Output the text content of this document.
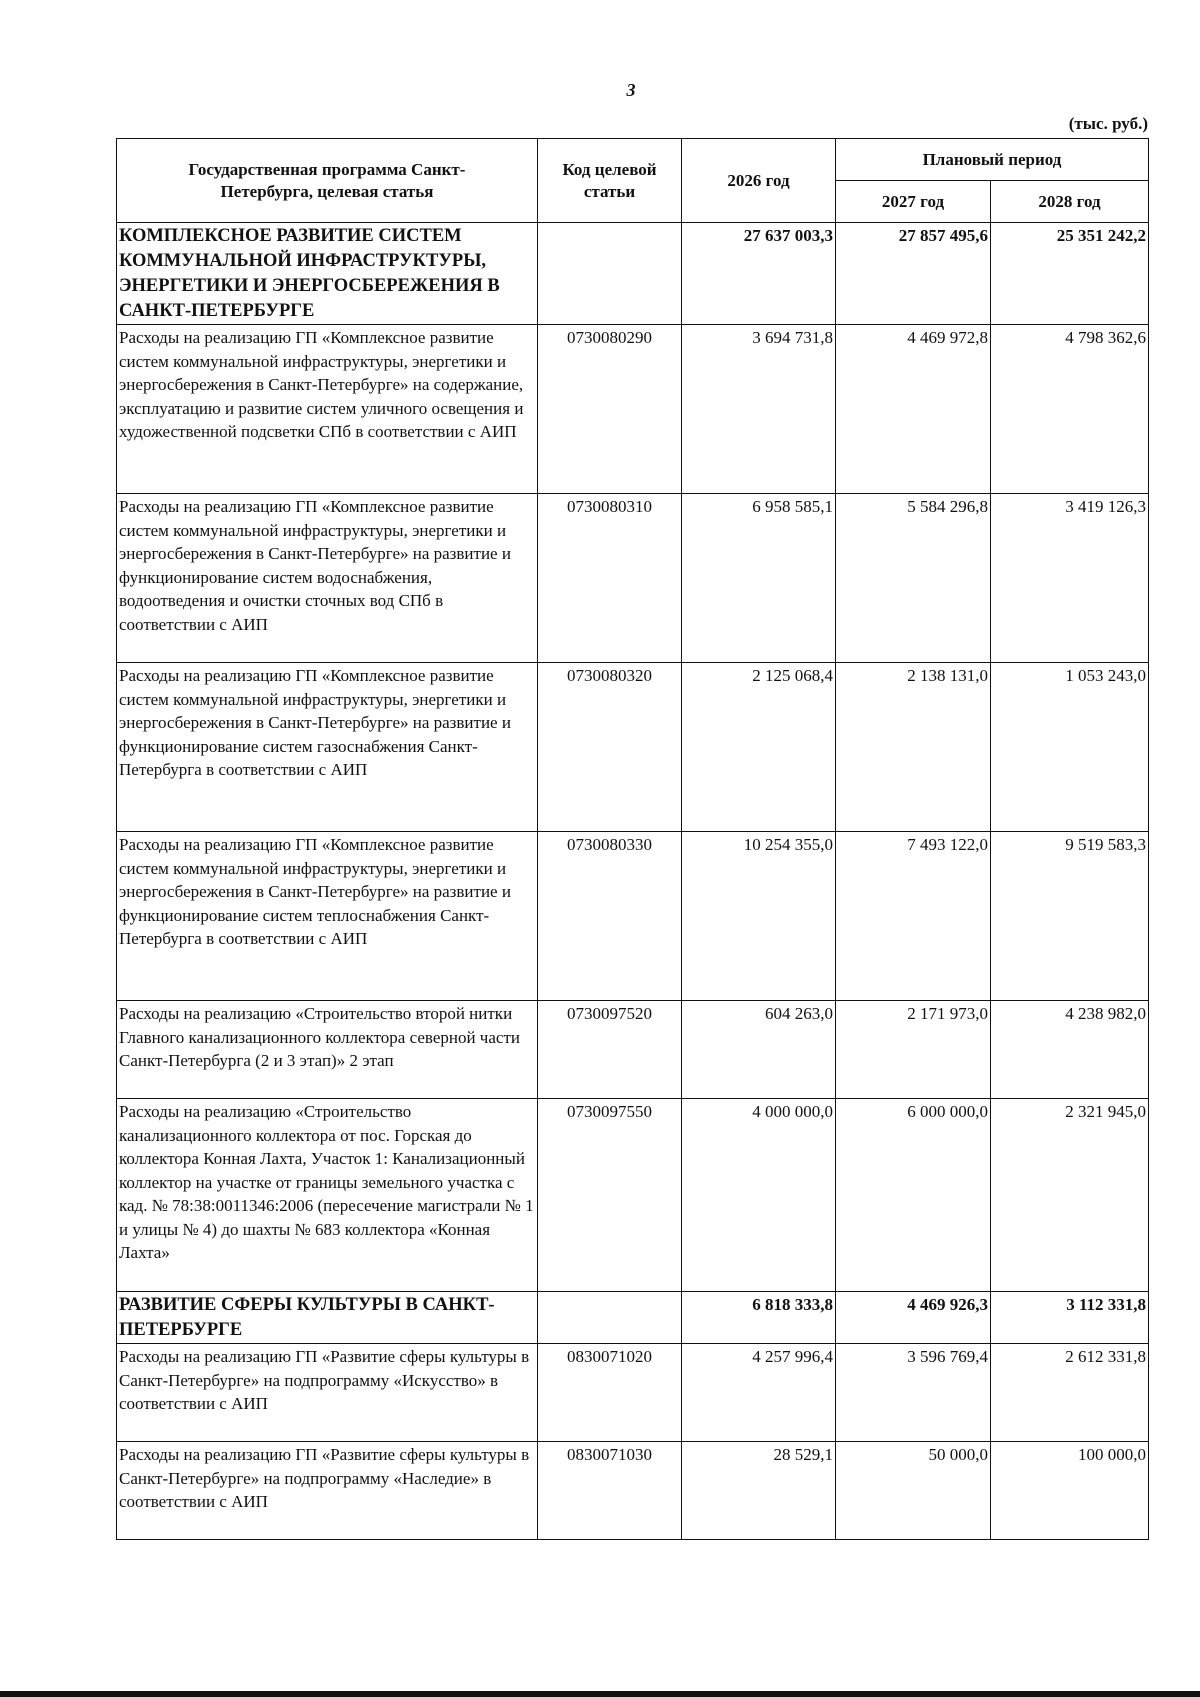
3
(тыс. руб.)
Государственная программа Санкт-Петербурга, целевая статья	Код целевой статьи	2026 год	Плановый период	
			2027 год	2028 год
КОМПЛЕКСНОЕ РАЗВИТИЕ СИСТЕМ КОММУНАЛЬНОЙ ИНФРАСТРУКТУРЫ, ЭНЕРГЕТИКИ И ЭНЕРГОСБЕРЕЖЕНИЯ В САНКТ-ПЕТЕРБУРГЕ		27 637 003,3	27 857 495,6	25 351 242,2
Расходы на реализацию ГП «Комплексное развитие систем коммунальной инфраструктуры, энергетики и энергосбережения в Санкт-Петербурге» на содержание, эксплуатацию и развитие систем уличного освещения и художественной подсветки СПб в соответствии с АИП	0730080290	3 694 731,8	4 469 972,8	4 798 362,6
Расходы на реализацию ГП «Комплексное развитие систем коммунальной инфраструктуры, энергетики и энергосбережения в Санкт-Петербурге» на развитие и функционирование систем водоснабжения, водоотведения и очистки сточных вод СПб в соответствии с АИП	0730080310	6 958 585,1	5 584 296,8	3 419 126,3
Расходы на реализацию ГП «Комплексное развитие систем коммунальной инфраструктуры, энергетики и энергосбережения в Санкт-Петербурге» на развитие и функционирование систем газоснабжения Санкт-Петербурга в соответствии с АИП	0730080320	2 125 068,4	2 138 131,0	1 053 243,0
Расходы на реализацию ГП «Комплексное развитие систем коммунальной инфраструктуры, энергетики и энергосбережения в Санкт-Петербурге» на развитие и функционирование систем теплоснабжения Санкт-Петербурга в соответствии с АИП	0730080330	10 254 355,0	7 493 122,0	9 519 583,3
Расходы на реализацию «Строительство второй нитки Главного канализационного коллектора северной части Санкт-Петербурга (2 и 3 этап)» 2 этап	0730097520	604 263,0	2 171 973,0	4 238 982,0
Расходы на реализацию «Строительство канализационного коллектора от пос. Горская до коллектора Конная Лахта, Участок 1: Канализационный коллектор на участке от границы земельного участка с кад. № 78:38:0011346:2006 (пересечение магистрали № 1 и улицы № 4) до шахты № 683 коллектора «Конная Лахта»	0730097550	4 000 000,0	6 000 000,0	2 321 945,0
РАЗВИТИЕ СФЕРЫ КУЛЬТУРЫ В САНКТ-ПЕТЕРБУРГЕ		6 818 333,8	4 469 926,3	3 112 331,8
Расходы на реализацию ГП «Развитие сферы культуры в Санкт-Петербурге» на подпрограмму «Искусство» в соответствии с АИП	0830071020	4 257 996,4	3 596 769,4	2 612 331,8
Расходы на реализацию ГП «Развитие сферы культуры в Санкт-Петербурге» на подпрограмму «Наследие» в соответствии с АИП	0830071030	28 529,1	50 000,0	100 000,0
